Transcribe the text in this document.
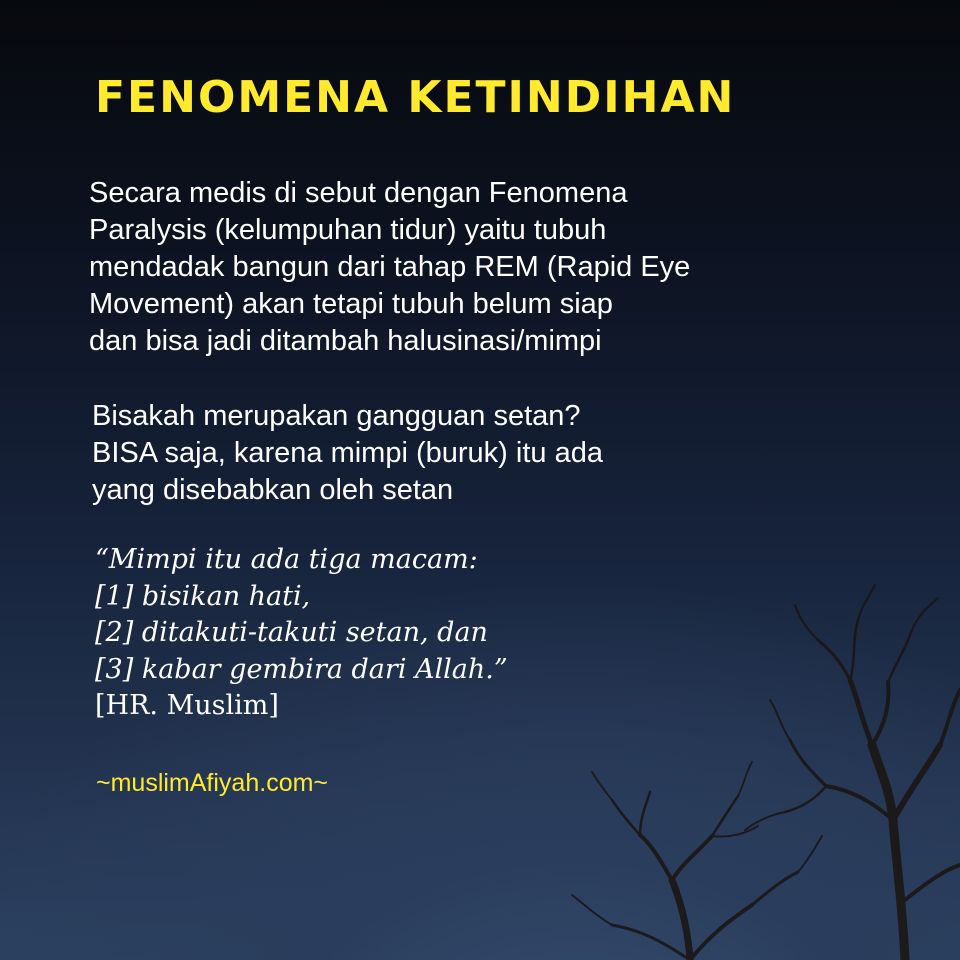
FENOMENA KETINDIHAN

Secara medis di sebut dengan Fenomena
Paralysis (kelumpuhan tidur) yaitu tubuh
mendadak bangun dari tahap REM (Rapid Eye
Movement) akan tetapi tubuh belum siap
dan bisa jadi ditambah halusinasi/mimpi

Bisakah merupakan gangguan setan?
BISA saja, karena mimpi (buruk) itu ada
yang disebabkan oleh setan

“Mimpi itu ada tiga macam:
[1] bisikan hati,
[2] ditakuti-takuti setan, dan
[3] kabar gembira dari Allah.”
[HR. Muslim]

~muslimAfiyah.com~
